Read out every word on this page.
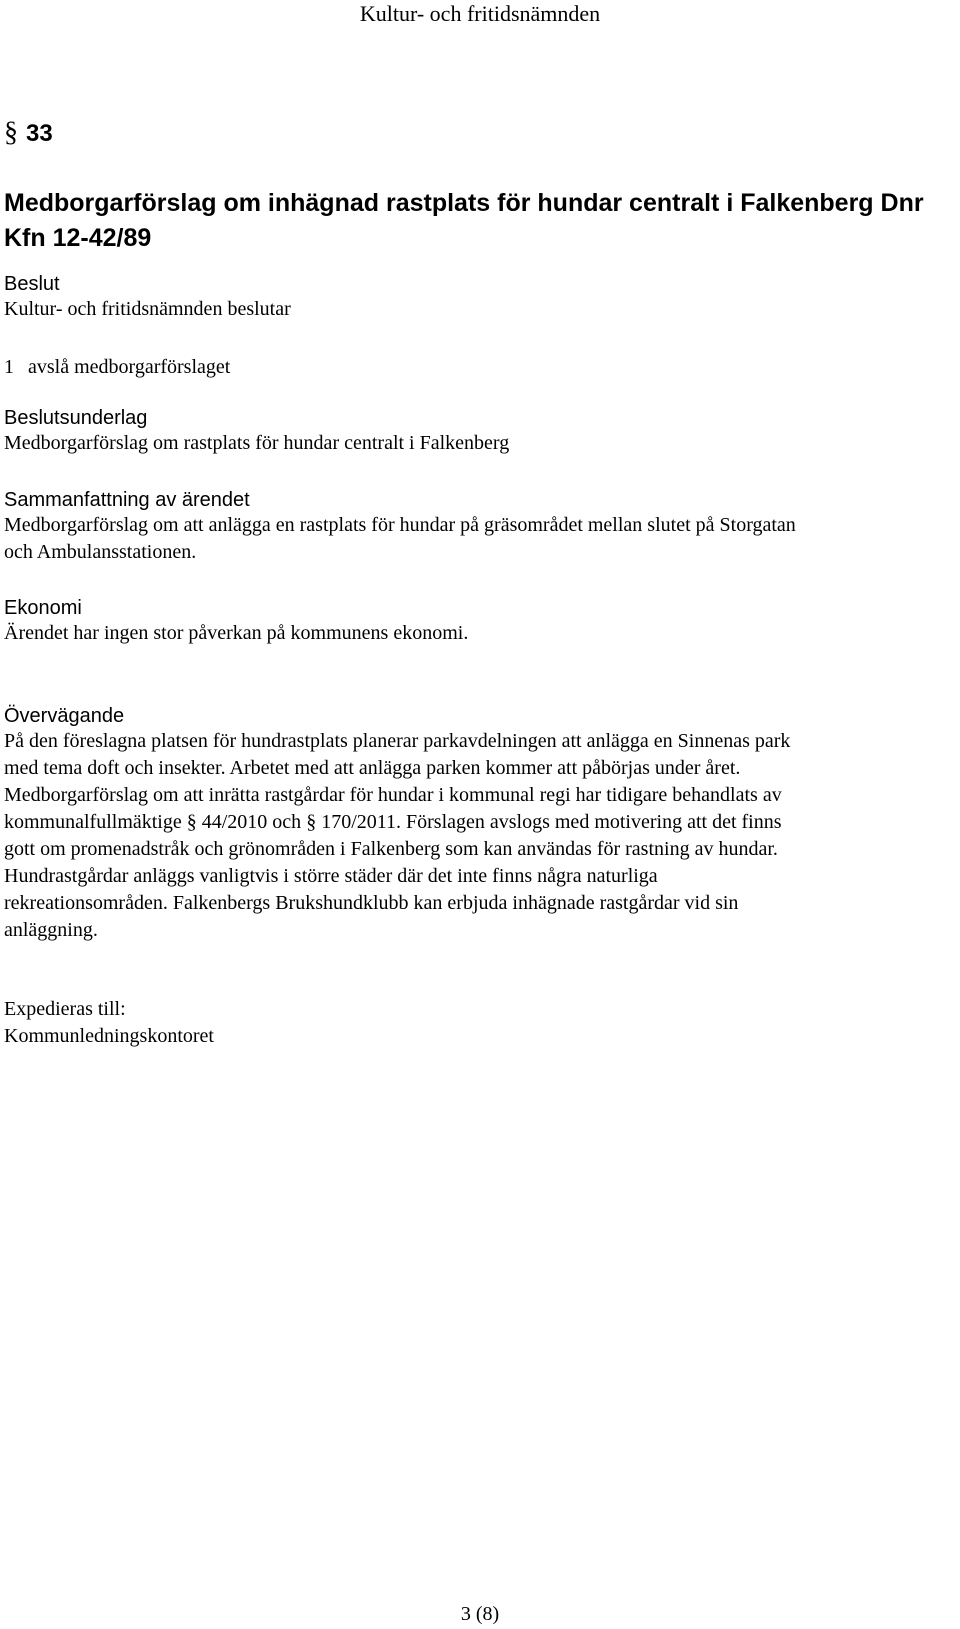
Kultur- och fritidsnämnden
§ 33
Medborgarförslag om inhägnad rastplats för hundar centralt i Falkenberg Dnr Kfn 12-42/89
Beslut
Kultur- och fritidsnämnden beslutar
1 avslå medborgarförslaget
Beslutsunderlag
Medborgarförslag om rastplats för hundar centralt i Falkenberg
Sammanfattning av ärendet
Medborgarförslag om att anlägga en rastplats för hundar på gräsområdet mellan slutet på Storgatan
och Ambulansstationen.
Ekonomi
Ärendet har ingen stor påverkan på kommunens ekonomi.
Övervägande
På den föreslagna platsen för hundrastplats planerar parkavdelningen att anlägga en Sinnenas park
med tema doft och insekter. Arbetet med att anlägga parken kommer att påbörjas under året.
Medborgarförslag om att inrätta rastgårdar för hundar i kommunal regi har tidigare behandlats av
kommunalfullmäktige § 44/2010 och § 170/2011. Förslagen avslogs med motivering att det finns
gott om promenadstråk och grönområden i Falkenberg som kan användas för rastning av hundar.
Hundrastgårdar anläggs vanligtvis i större städer där det inte finns några naturliga
rekreationsområden. Falkenbergs Brukshundklubb kan erbjuda inhägnade rastgårdar vid sin
anläggning.
Expedieras till:
Kommunledningskontoret
3 (8)
